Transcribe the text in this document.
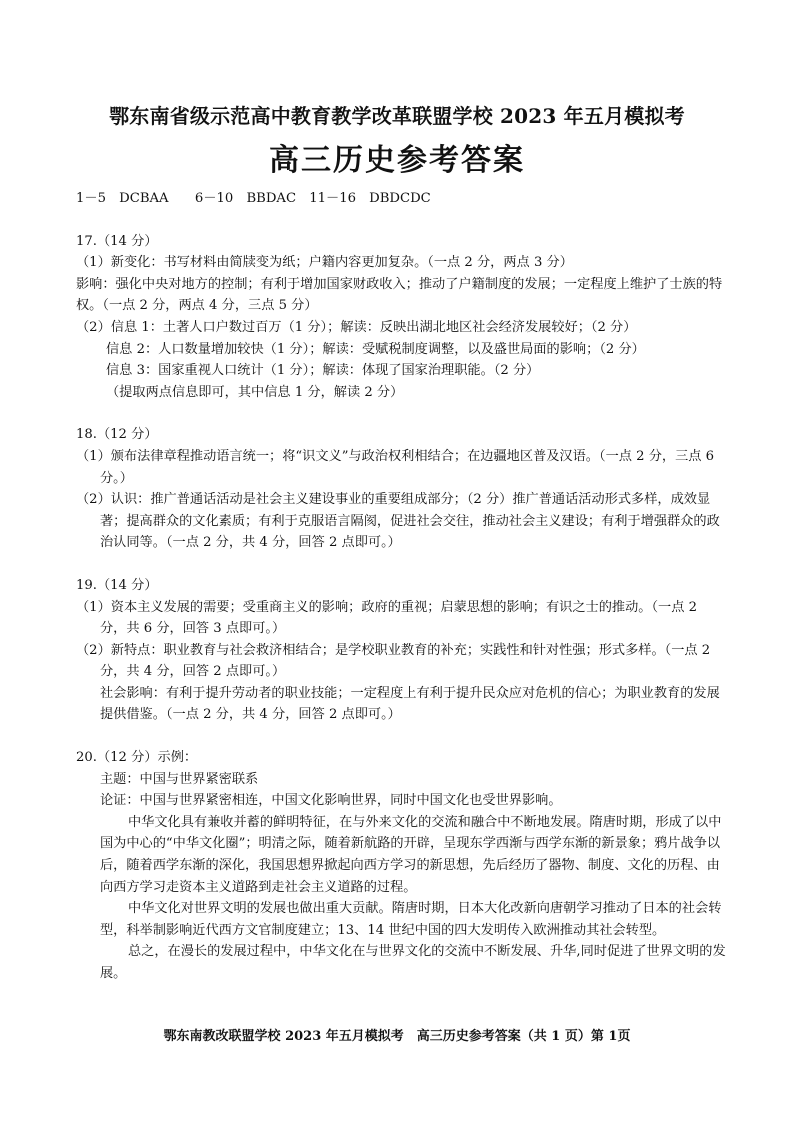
鄂东南省级示范高中教育教学改革联盟学校 2023 年五月模拟考
高三历史参考答案

1－5　DCBAA　　6－10　BBDAC　11－16　DBDCDC

17.（14 分）

（1）新变化：书写材料由简牍变为纸；户籍内容更加复杂。（一点 2 分，两点 3 分）

影响：强化中央对地方的控制；有利于增加国家财政收入；推动了户籍制度的发展；一定程度上维护了士族的特权。（一点 2 分，两点 4 分，三点 5 分）

（2）信息 1：土著人口户数过百万（1 分）；解读：反映出湖北地区社会经济发展较好；（2 分）

信息 2：人口数量增加较快（1 分）；解读：受赋税制度调整，以及盛世局面的影响；（2 分）

信息 3：国家重视人口统计（1 分）；解读：体现了国家治理职能。（2 分）

（提取两点信息即可，其中信息 1 分，解读 2 分）

18.（12 分）

（1）颁布法律章程推动语言统一；将“识文义”与政治权利相结合；在边疆地区普及汉语。（一点 2 分，三点 6 分。）

（2）认识：推广普通话活动是社会主义建设事业的重要组成部分；（2 分）推广普通话活动形式多样，成效显著；提高群众的文化素质；有利于克服语言隔阂，促进社会交往，推动社会主义建设；有利于增强群众的政治认同等。（一点 2 分，共 4 分，回答 2 点即可。）

19.（14 分）

（1）资本主义发展的需要；受重商主义的影响；政府的重视；启蒙思想的影响；有识之士的推动。（一点 2 分，共 6 分，回答 3 点即可。）

（2）新特点：职业教育与社会救济相结合；是学校职业教育的补充；实践性和针对性强；形式多样。（一点 2 分，共 4 分，回答 2 点即可。）

社会影响：有利于提升劳动者的职业技能；一定程度上有利于提升民众应对危机的信心；为职业教育的发展提供借鉴。（一点 2 分，共 4 分，回答 2 点即可。）

20.（12 分）示例：

主题：中国与世界紧密联系

论证：中国与世界紧密相连，中国文化影响世界，同时中国文化也受世界影响。

中华文化具有兼收并蓄的鲜明特征，在与外来文化的交流和融合中不断地发展。隋唐时期，形成了以中国为中心的“中华文化圈”；明清之际，随着新航路的开辟，呈现东学西渐与西学东渐的新景象；鸦片战争以后，随着西学东渐的深化，我国思想界掀起向西方学习的新思想，先后经历了器物、制度、文化的历程、由向西方学习走资本主义道路到走社会主义道路的过程。

中华文化对世界文明的发展也做出重大贡献。隋唐时期，日本大化改新向唐朝学习推动了日本的社会转型，科举制影响近代西方文官制度建立；13、14 世纪中国的四大发明传入欧洲推动其社会转型。

总之，在漫长的发展过程中，中华文化在与世界文化的交流中不断发展、升华,同时促进了世界文明的发展。

鄂东南教改联盟学校 2023 年五月模拟考　高三历史参考答案（共 1 页）第 1页
